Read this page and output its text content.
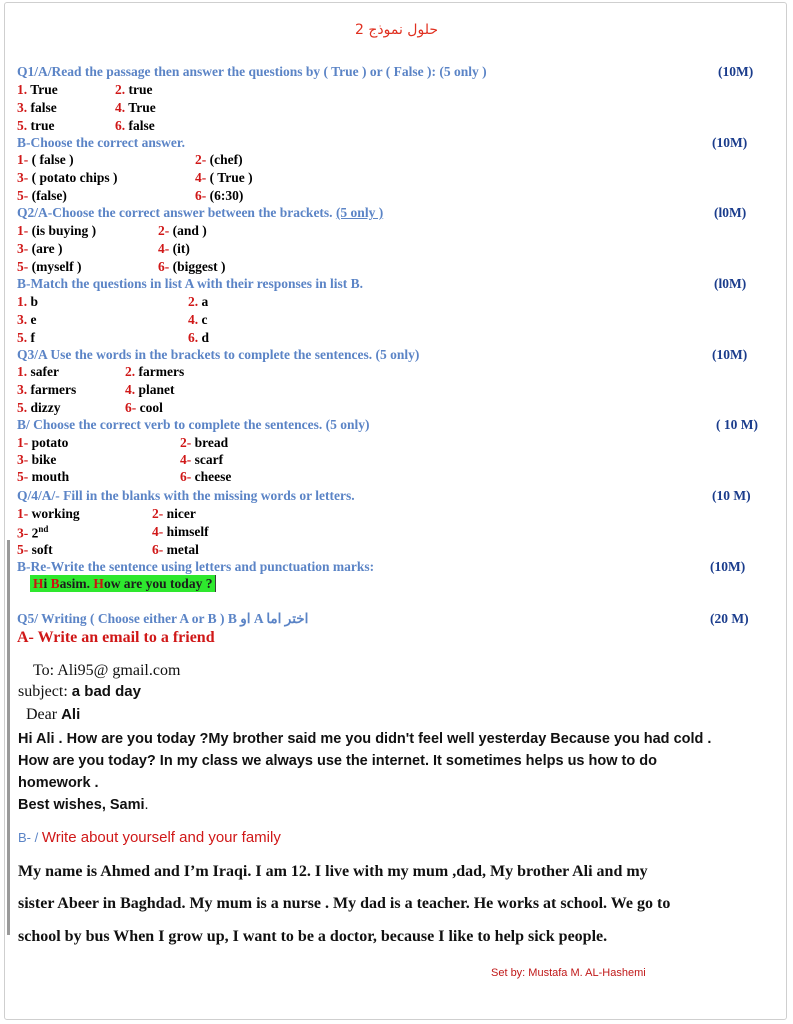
حلول نموذج 2
Q1/A/Read the passage then answer the questions by ( True ) or ( False ): (5 only )	(10M)
1. True	2. true
3. false	4. True
5. true	6. false
B-Choose the correct answer.	(10M)
1- ( false )	2- (chef)
3- ( potato chips )	4- ( True )
5- (false)	6- (6:30)
Q2/A-Choose the correct answer between the brackets. (5 only )	(l0M)
1- (is buying )	2- (and )
3- (are )	4- (it)
5- (myself )	6- (biggest )
B-Match the questions in list A with their responses in list B.	(l0M)
1. b	2. a
3. e	4. c
5. f	6. d
Q3/A Use the words in the brackets to complete the sentences. (5 only)	(10M)
1. safer	2. farmers
3. farmers	4. planet
5. dizzy	6- cool
B/ Choose the correct verb to complete the sentences. (5 only)	( 10 M)
1- potato	2- bread
3- bike	4- scarf
5- mouth	6- cheese
Q/4/A/- Fill in the blanks with the missing words or letters.	(10 M)
1- working	2- nicer
3- 2nd	4- himself
5- soft	6- metal
B-Re-Write the sentence using letters and punctuation marks:	(10M)
Hi Basim. How are you today ?
Q5/ Writing ( Choose either A or B ) B او A اختر اما	(20 M)
A- Write an email to a friend
To: Ali95@ gmail.com
subject: a bad day
Dear Ali
Hi Ali . How are you today ?My brother said me you didn't feel well yesterday Because you had cold .
How are you today? In my class we always use the internet. It sometimes helps us how to do
homework .
Best wishes, Sami.
B- / Write about yourself and your family
My name is Ahmed and I’m Iraqi. I am 12. I live with my mum ,dad, My brother Ali and my
sister Abeer in Baghdad. My mum is a nurse . My dad is a teacher. He works at school. We go to
school by bus When I grow up, I want to be a doctor, because I like to help sick people.
Set by: Mustafa M. AL-Hashemi
